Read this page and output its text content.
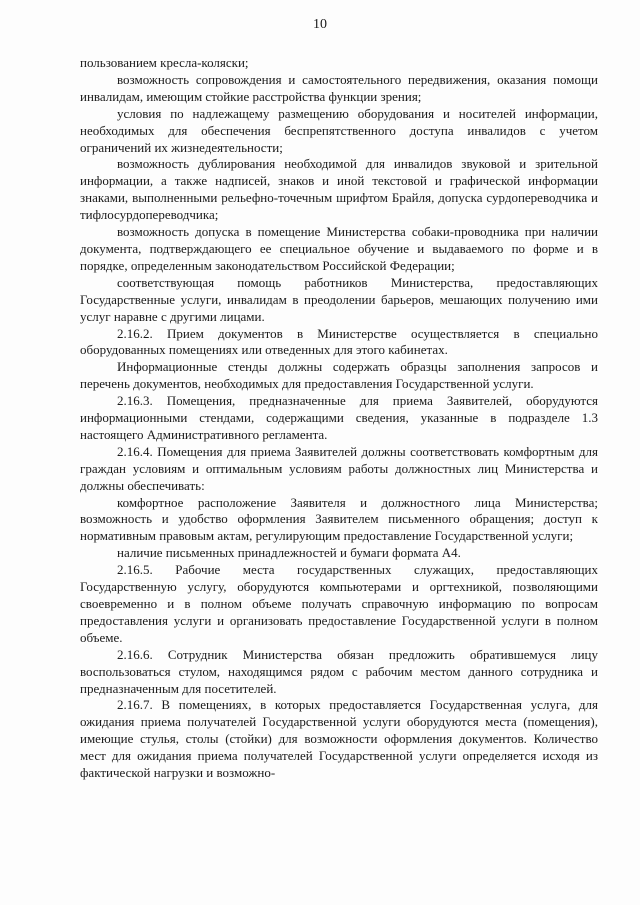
10

пользованием кресла-коляски;

возможность сопровождения и самостоятельного передвижения, оказания помощи инвалидам, имеющим стойкие расстройства функции зрения;

условия по надлежащему размещению оборудования и носителей информации, необходимых для обеспечения беспрепятственного доступа инвалидов с учетом ограничений их жизнедеятельности;

возможность дублирования необходимой для инвалидов звуковой и зрительной информации, а также надписей, знаков и иной текстовой и графической информации знаками, выполненными рельефно-точечным шрифтом Брайля, допуска сурдопереводчика и тифлосурдопереводчика;

возможность допуска в помещение Министерства собаки-проводника при наличии документа, подтверждающего ее специальное обучение и выдаваемого по форме и в порядке, определенным законодательством Российской Федерации;

соответствующая помощь работников Министерства, предоставляющих Государственные услуги, инвалидам в преодолении барьеров, мешающих получению ими услуг наравне с другими лицами.

2.16.2. Прием документов в Министерстве осуществляется в специально оборудованных помещениях или отведенных для этого кабинетах.

Информационные стенды должны содержать образцы заполнения запросов и перечень документов, необходимых для предоставления Государственной услуги.

2.16.3. Помещения, предназначенные для приема Заявителей, оборудуются информационными стендами, содержащими сведения, указанные в подразделе 1.3 настоящего Административного регламента.

2.16.4. Помещения для приема Заявителей должны соответствовать комфортным для граждан условиям и оптимальным условиям работы должностных лиц Министерства и должны обеспечивать:

комфортное расположение Заявителя и должностного лица Министерства; возможность и удобство оформления Заявителем письменного обращения; доступ к нормативным правовым актам, регулирующим предоставление Государственной услуги;

наличие письменных принадлежностей и бумаги формата А4.

2.16.5. Рабочие места государственных служащих, предоставляющих Государственную услугу, оборудуются компьютерами и оргтехникой, позволяющими своевременно и в полном объеме получать справочную информацию по вопросам предоставления услуги и организовать предоставление Государственной услуги в полном объеме.

2.16.6. Сотрудник Министерства обязан предложить обратившемуся лицу воспользоваться стулом, находящимся рядом с рабочим местом данного сотрудника и предназначенным для посетителей.

2.16.7. В помещениях, в которых предоставляется Государственная услуга, для ожидания приема получателей Государственной услуги оборудуются места (помещения), имеющие стулья, столы (стойки) для возможности оформления документов. Количество мест для ожидания приема получателей Государственной услуги определяется исходя из фактической нагрузки и возможно-
